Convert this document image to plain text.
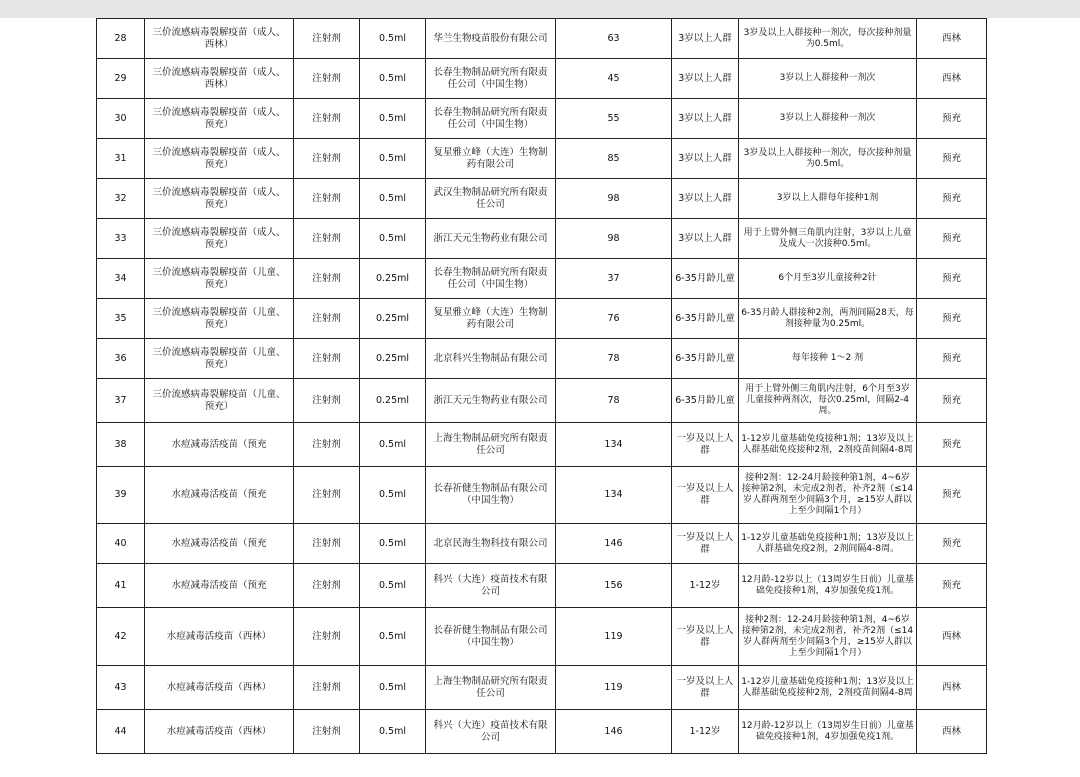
28	三价流感病毒裂解疫苗（成人、西林）	注射剂	0.5ml	华兰生物疫苗股份有限公司	63	3岁以上人群	3岁及以上人群接种一剂次，每次接种剂量为0.5ml。	西林
29	三价流感病毒裂解疫苗（成人、西林）	注射剂	0.5ml	长春生物制品研究所有限责任公司（中国生物）	45	3岁以上人群	3岁以上人群接种一剂次	西林
30	三价流感病毒裂解疫苗（成人、预充）	注射剂	0.5ml	长春生物制品研究所有限责任公司（中国生物）	55	3岁以上人群	3岁以上人群接种一剂次	预充
31	三价流感病毒裂解疫苗（成人、预充）	注射剂	0.5ml	复星雅立峰（大连）生物制药有限公司	85	3岁以上人群	3岁及以上人群接种一剂次，每次接种剂量为0.5ml。	预充
32	三价流感病毒裂解疫苗（成人、预充）	注射剂	0.5ml	武汉生物制品研究所有限责任公司	98	3岁以上人群	3岁以上人群每年接种1剂	预充
33	三价流感病毒裂解疫苗（成人、预充）	注射剂	0.5ml	浙江天元生物药业有限公司	98	3岁以上人群	用于上臂外侧三角肌内注射，3岁以上儿童及成人一次接种0.5ml。	预充
34	三价流感病毒裂解疫苗（儿童、预充）	注射剂	0.25ml	长春生物制品研究所有限责任公司（中国生物）	37	6-35月龄儿童	6个月至3岁儿童接种2针	预充
35	三价流感病毒裂解疫苗（儿童、预充）	注射剂	0.25ml	复星雅立峰（大连）生物制药有限公司	76	6-35月龄儿童	6-35月龄人群接种2剂，两剂间隔28天，每剂接种量为0.25ml。	预充
36	三价流感病毒裂解疫苗（儿童、预充）	注射剂	0.25ml	北京科兴生物制品有限公司	78	6-35月龄儿童	每年接种 1～2 剂	预充
37	三价流感病毒裂解疫苗（儿童、预充）	注射剂	0.25ml	浙江天元生物药业有限公司	78	6-35月龄儿童	用于上臂外侧三角肌内注射，6个月至3岁儿童接种两剂次，每次0.25ml，间隔2-4周。	预充
38	水痘减毒活疫苗（预充	注射剂	0.5ml	上海生物制品研究所有限责任公司	134	一岁及以上人群	1-12岁儿童基础免疫接种1剂；13岁及以上人群基础免疫接种2剂，2剂疫苗间隔4-8周	预充
39	水痘减毒活疫苗（预充	注射剂	0.5ml	长春祈健生物制品有限公司（中国生物）	134	一岁及以上人群	接种2剂：12-24月龄接种第1剂，4~6岁接种第2剂，未完成2剂者，补齐2剂（≤14岁人群两剂至少间隔3个月，≥15岁人群以上至少间隔1个月）	预充
40	水痘减毒活疫苗（预充	注射剂	0.5ml	北京民海生物科技有限公司	146	一岁及以上人群	1-12岁儿童基础免疫接种1剂；13岁及以上人群基础免疫2剂，2剂间隔4-8周。	预充
41	水痘减毒活疫苗（预充	注射剂	0.5ml	科兴（大连）疫苗技术有限公司	156	1-12岁	12月龄-12岁以上（13周岁生日前）儿童基础免疫接种1剂，4岁加强免疫1剂。	预充
42	水痘减毒活疫苗（西林）	注射剂	0.5ml	长春祈健生物制品有限公司（中国生物）	119	一岁及以上人群	接种2剂：12-24月龄接种第1剂，4~6岁接种第2剂，未完成2剂者，补齐2剂（≤14岁人群两剂至少间隔3个月，≥15岁人群以上至少间隔1个月）	西林
43	水痘减毒活疫苗（西林）	注射剂	0.5ml	上海生物制品研究所有限责任公司	119	一岁及以上人群	1-12岁儿童基础免疫接种1剂；13岁及以上人群基础免疫接种2剂，2剂疫苗间隔4-8周	西林
44	水痘减毒活疫苗（西林）	注射剂	0.5ml	科兴（大连）疫苗技术有限公司	146	1-12岁	12月龄-12岁以上（13周岁生日前）儿童基础免疫接种1剂，4岁加强免疫1剂。	西林
